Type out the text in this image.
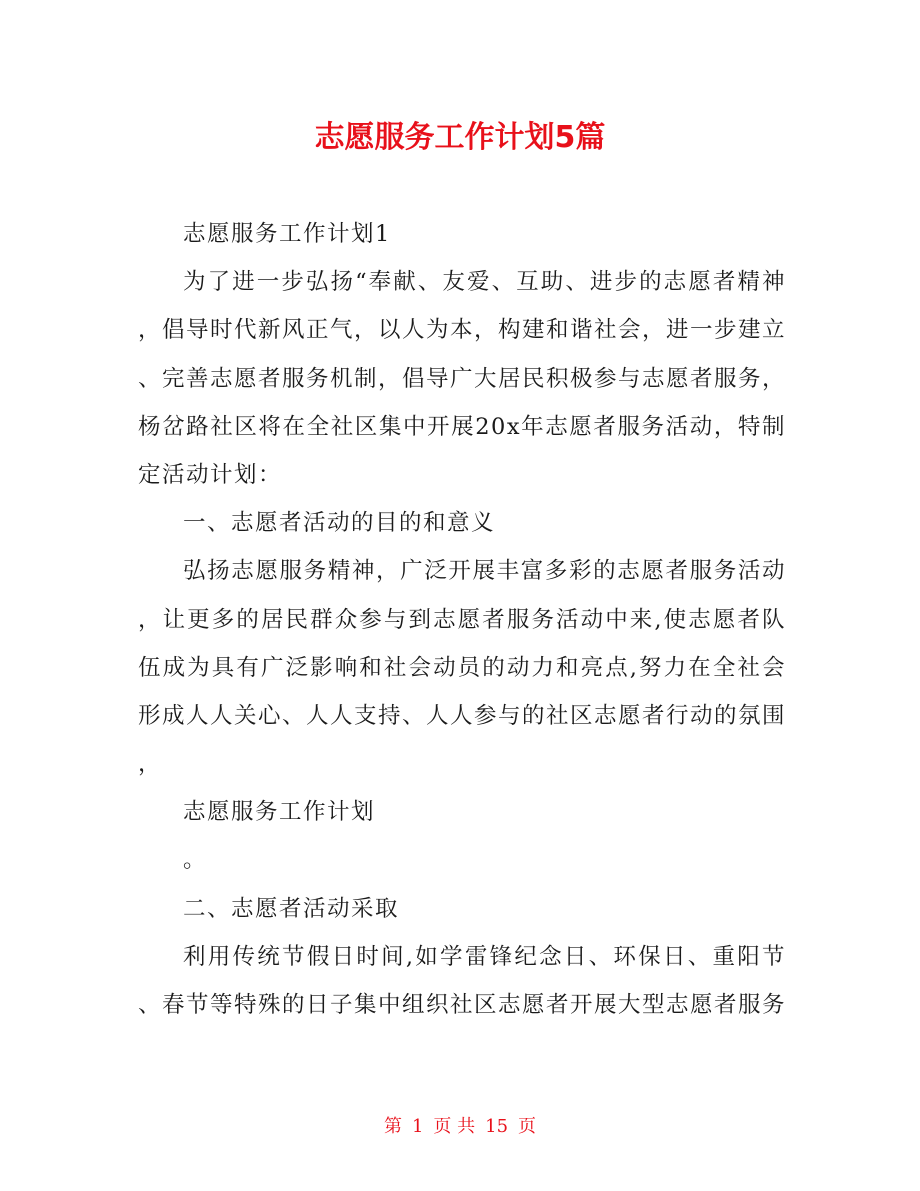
志愿服务工作计划5篇
志愿服务工作计划1
为了进一步弘扬“奉献、友爱、互助、进步的志愿者精神
，倡导时代新风正气，以人为本，构建和谐社会，进一步建立
、完善志愿者服务机制，倡导广大居民积极参与志愿者服务，
杨岔路社区将在全社区集中开展20x年志愿者服务活动，特制
定活动计划：
一、志愿者活动的目的和意义
弘扬志愿服务精神，广泛开展丰富多彩的志愿者服务活动
，让更多的居民群众参与到志愿者服务活动中来,使志愿者队
伍成为具有广泛影响和社会动员的动力和亮点,努力在全社会
形成人人关心、人人支持、人人参与的社区志愿者行动的氛围
，
志愿服务工作计划
。
二、志愿者活动采取
利用传统节假日时间,如学雷锋纪念日、环保日、重阳节
、春节等特殊的日子集中组织社区志愿者开展大型志愿者服务
第 1 页 共 15 页
